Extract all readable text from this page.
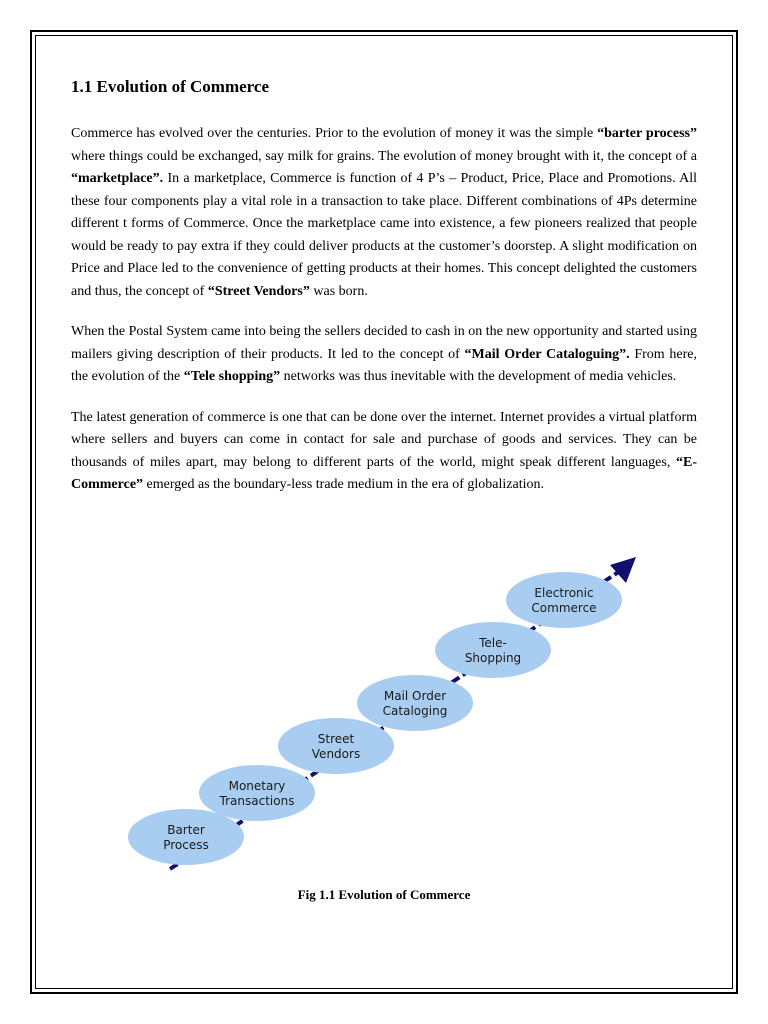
1.1 Evolution of Commerce

Commerce has evolved over the centuries. Prior to the evolution of money it was the simple “barter process” where things could be exchanged, say milk for grains. The evolution of money brought with it, the concept of a “marketplace”. In a marketplace, Commerce is function of 4 P’s – Product, Price, Place and Promotions. All these four components play a vital role in a transaction to take place. Different combinations of 4Ps determine different t forms of Commerce. Once the marketplace came into existence, a few pioneers realized that people would be ready to pay extra if they could deliver products at the customer’s doorstep. A slight modification on Price and Place led to the convenience of getting products at their homes. This concept delighted the customers and thus, the concept of “Street Vendors” was born.

When the Postal System came into being the sellers decided to cash in on the new opportunity and started using mailers giving description of their products. It led to the concept of “Mail Order Cataloguing”. From here, the evolution of the “Tele shopping” networks was thus inevitable with the development of media vehicles.

The latest generation of commerce is one that can be done over the internet. Internet provides a virtual platform where sellers and buyers can come in contact for sale and purchase of goods and services. They can be thousands of miles apart, may belong to different parts of the world, might speak different languages, “E-Commerce” emerged as the boundary-less trade medium in the era of globalization.

Barter
Process
Monetary
Transactions
Street
Vendors
Mail Order
Cataloging
Tele-
Shopping
Electronic
Commerce
Fig 1.1 Evolution of Commerce
